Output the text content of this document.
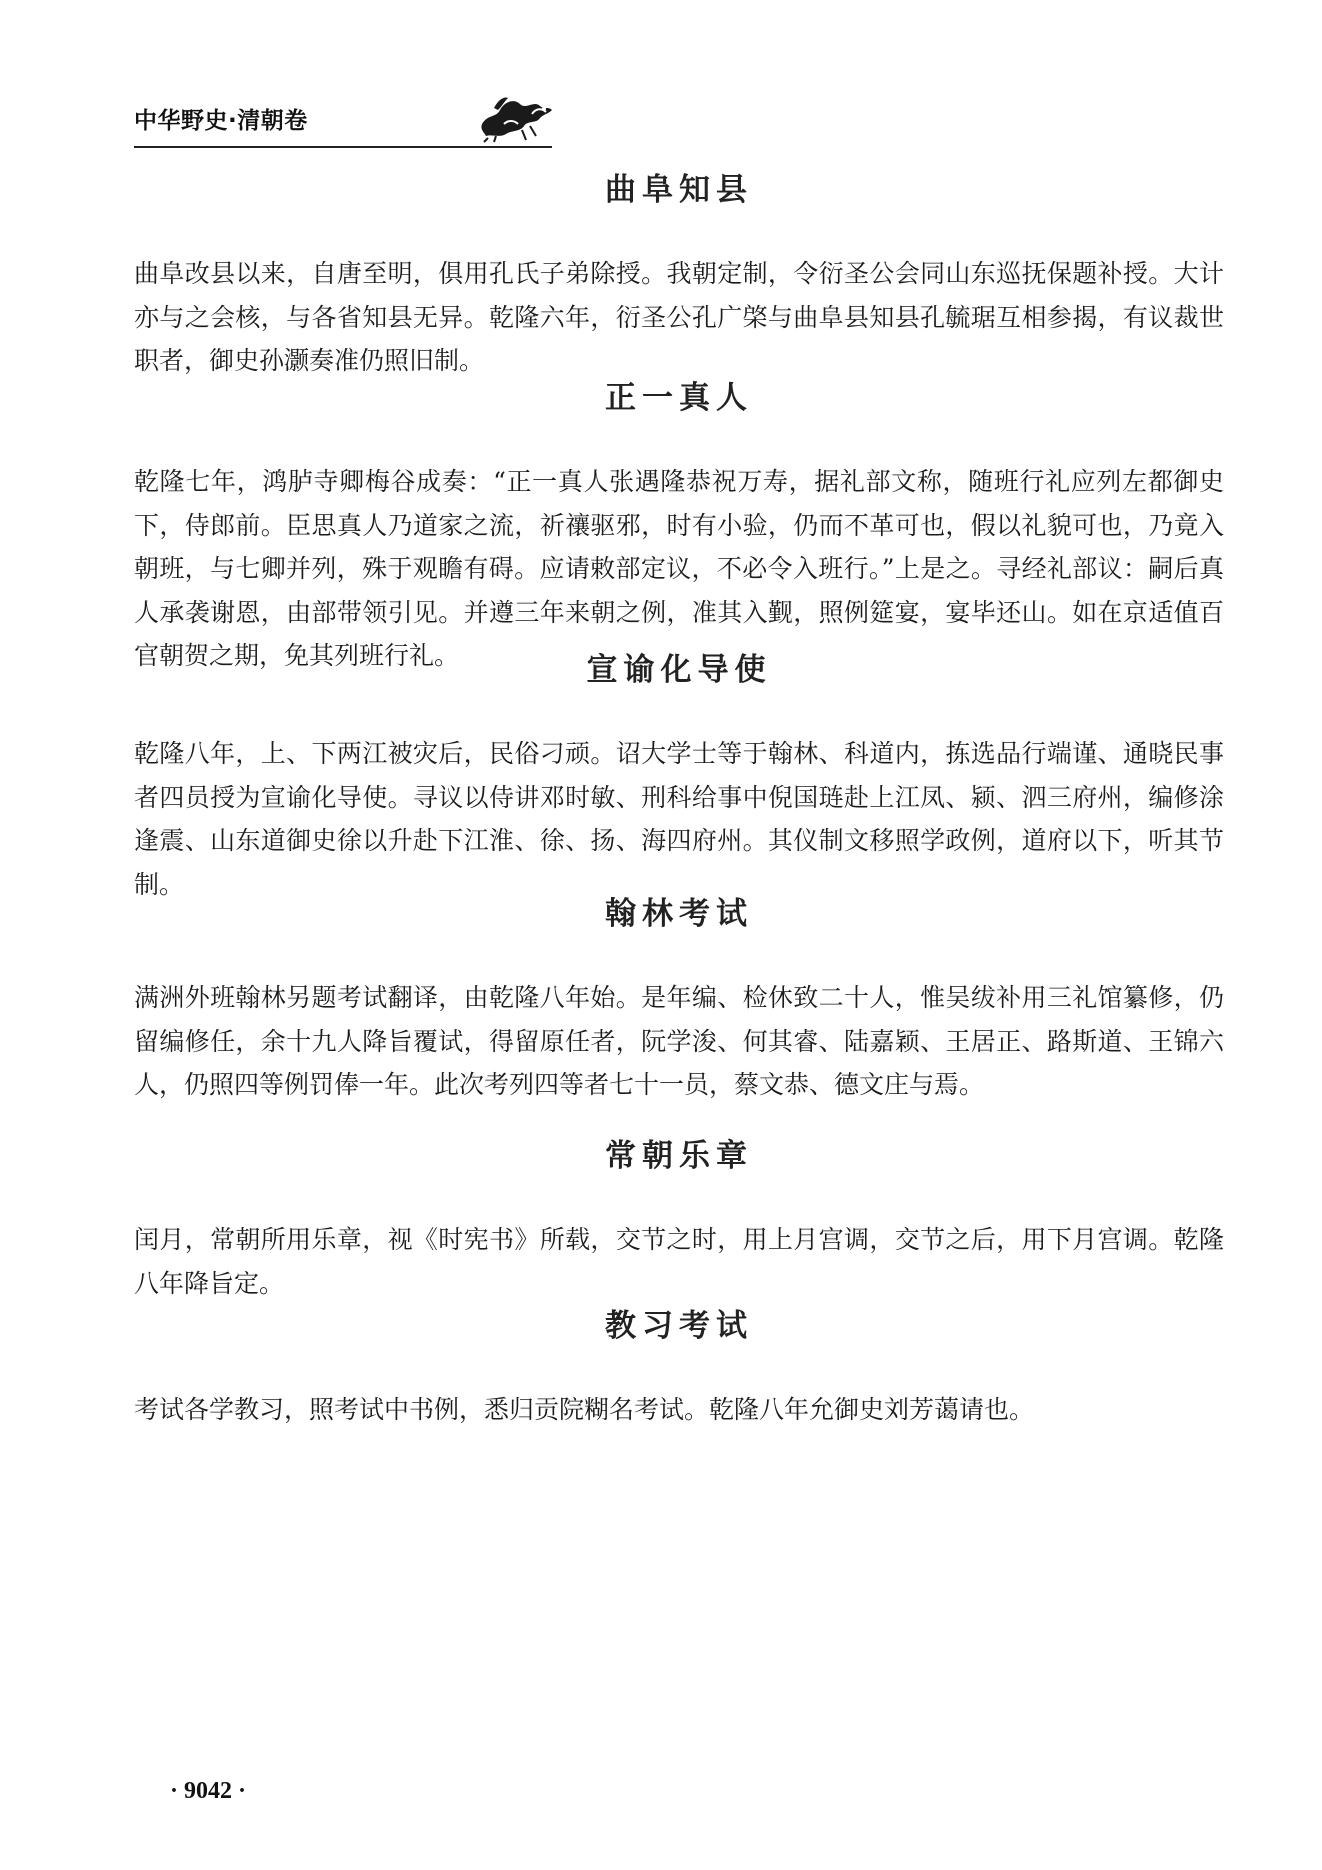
中华野史·清朝卷
曲阜知县

曲阜改县以来，自唐至明，俱用孔氏子弟除授。我朝定制，令衍圣公会同山东巡抚保题补授。大计亦与之会核，与各省知县无异。乾隆六年，衍圣公孔广棨与曲阜县知县孔毓琚互相参揭，有议裁世职者，御史孙灏奏准仍照旧制。

正一真人

乾隆七年，鸿胪寺卿梅谷成奏：“正一真人张遇隆恭祝万寿，据礼部文称，随班行礼应列左都御史下，侍郎前。臣思真人乃道家之流，祈禳驱邪，时有小验，仍而不革可也，假以礼貌可也，乃竟入朝班，与七卿并列，殊于观瞻有碍。应请敕部定议，不必令入班行。”上是之。寻经礼部议：嗣后真人承袭谢恩，由部带领引见。并遵三年来朝之例，准其入觐，照例筵宴，宴毕还山。如在京适值百官朝贺之期，免其列班行礼。	宣谕化导使

乾隆八年，上、下两江被灾后，民俗刁顽。诏大学士等于翰林、科道内，拣选品行端谨、通晓民事者四员授为宣谕化导使。寻议以侍讲邓时敏、刑科给事中倪国琏赴上江凤、颍、泗三府州，编修涂逢震、山东道御史徐以升赴下江淮、徐、扬、海四府州。其仪制文移照学政例，道府以下，听其节制。

翰林考试

满洲外班翰林另题考试翻译，由乾隆八年始。是年编、检休致二十人，惟吴绂补用三礼馆纂修，仍留编修任，余十九人降旨覆试，得留原任者，阮学浚、何其睿、陆嘉颖、王居正、路斯道、王锦六人，仍照四等例罚俸一年。此次考列四等者七十一员，蔡文恭、德文庄与焉。

常朝乐章

闰月，常朝所用乐章，视《时宪书》所载，交节之时，用上月宫调，交节之后，用下月宫调。乾隆八年降旨定。

教习考试

考试各学教习，照考试中书例，悉归贡院糊名考试。乾隆八年允御史刘芳蔼请也。

· 9042 ·
